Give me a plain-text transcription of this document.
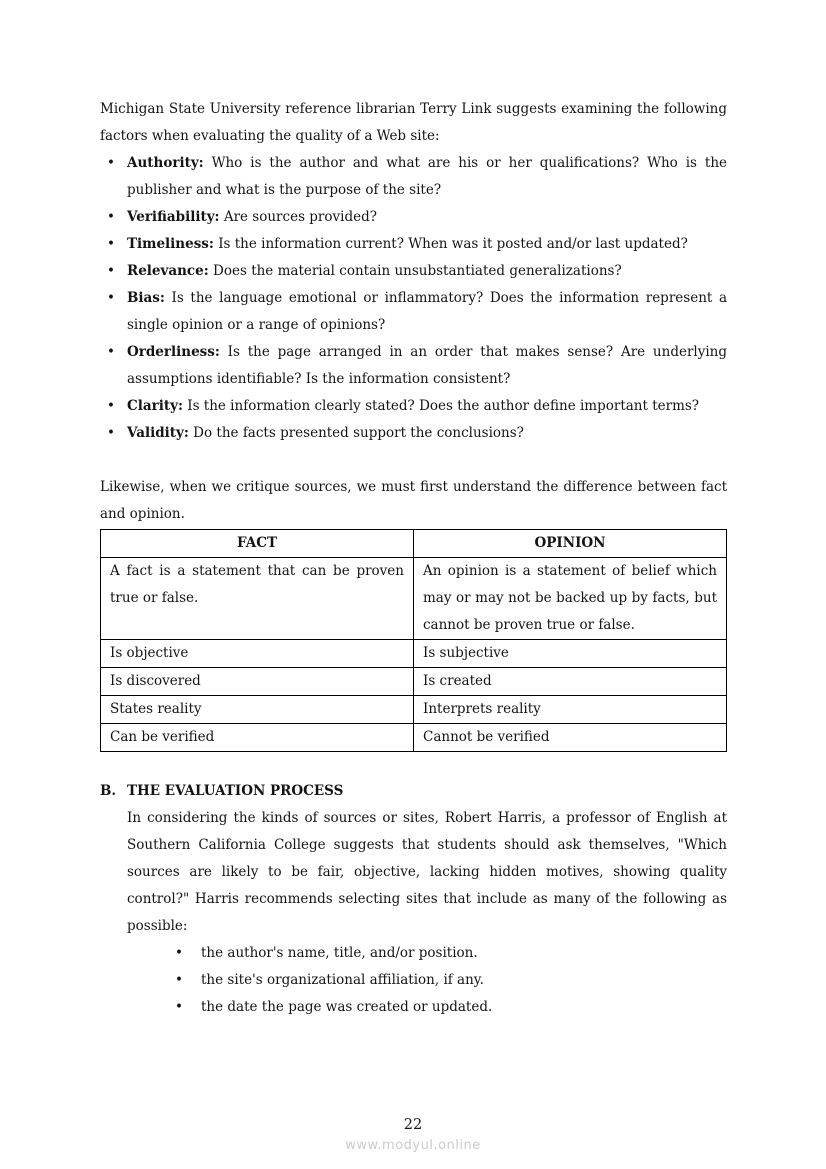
Michigan State University reference librarian Terry Link suggests examining the following factors when evaluating the quality of a Web site:

• Authority: Who is the author and what are his or her qualifications? Who is the publisher and what is the purpose of the site?
• Verifiability: Are sources provided?
• Timeliness: Is the information current? When was it posted and/or last updated?
• Relevance: Does the material contain unsubstantiated generalizations?
• Bias: Is the language emotional or inflammatory? Does the information represent a single opinion or a range of opinions?
• Orderliness: Is the page arranged in an order that makes sense? Are underlying assumptions identifiable? Is the information consistent?
• Clarity: Is the information clearly stated? Does the author define important terms?
• Validity: Do the facts presented support the conclusions?

Likewise, when we critique sources, we must first understand the difference between fact and opinion.

FACT	OPINION
A fact is a statement that can be proven true or false.	An opinion is a statement of belief which may or may not be backed up by facts, but cannot be proven true or false.
Is objective	Is subjective
Is discovered	Is created
States reality	Interprets reality
Can be verified	Cannot be verified
B. THE EVALUATION PROCESS

In considering the kinds of sources or sites, Robert Harris, a professor of English at Southern California College suggests that students should ask themselves, "Which sources are likely to be fair, objective, lacking hidden motives, showing quality control?" Harris recommends selecting sites that include as many of the following as possible:

• the author's name, title, and/or position.
• the site's organizational affiliation, if any.
• the date the page was created or updated.
22
www.modyul.online
